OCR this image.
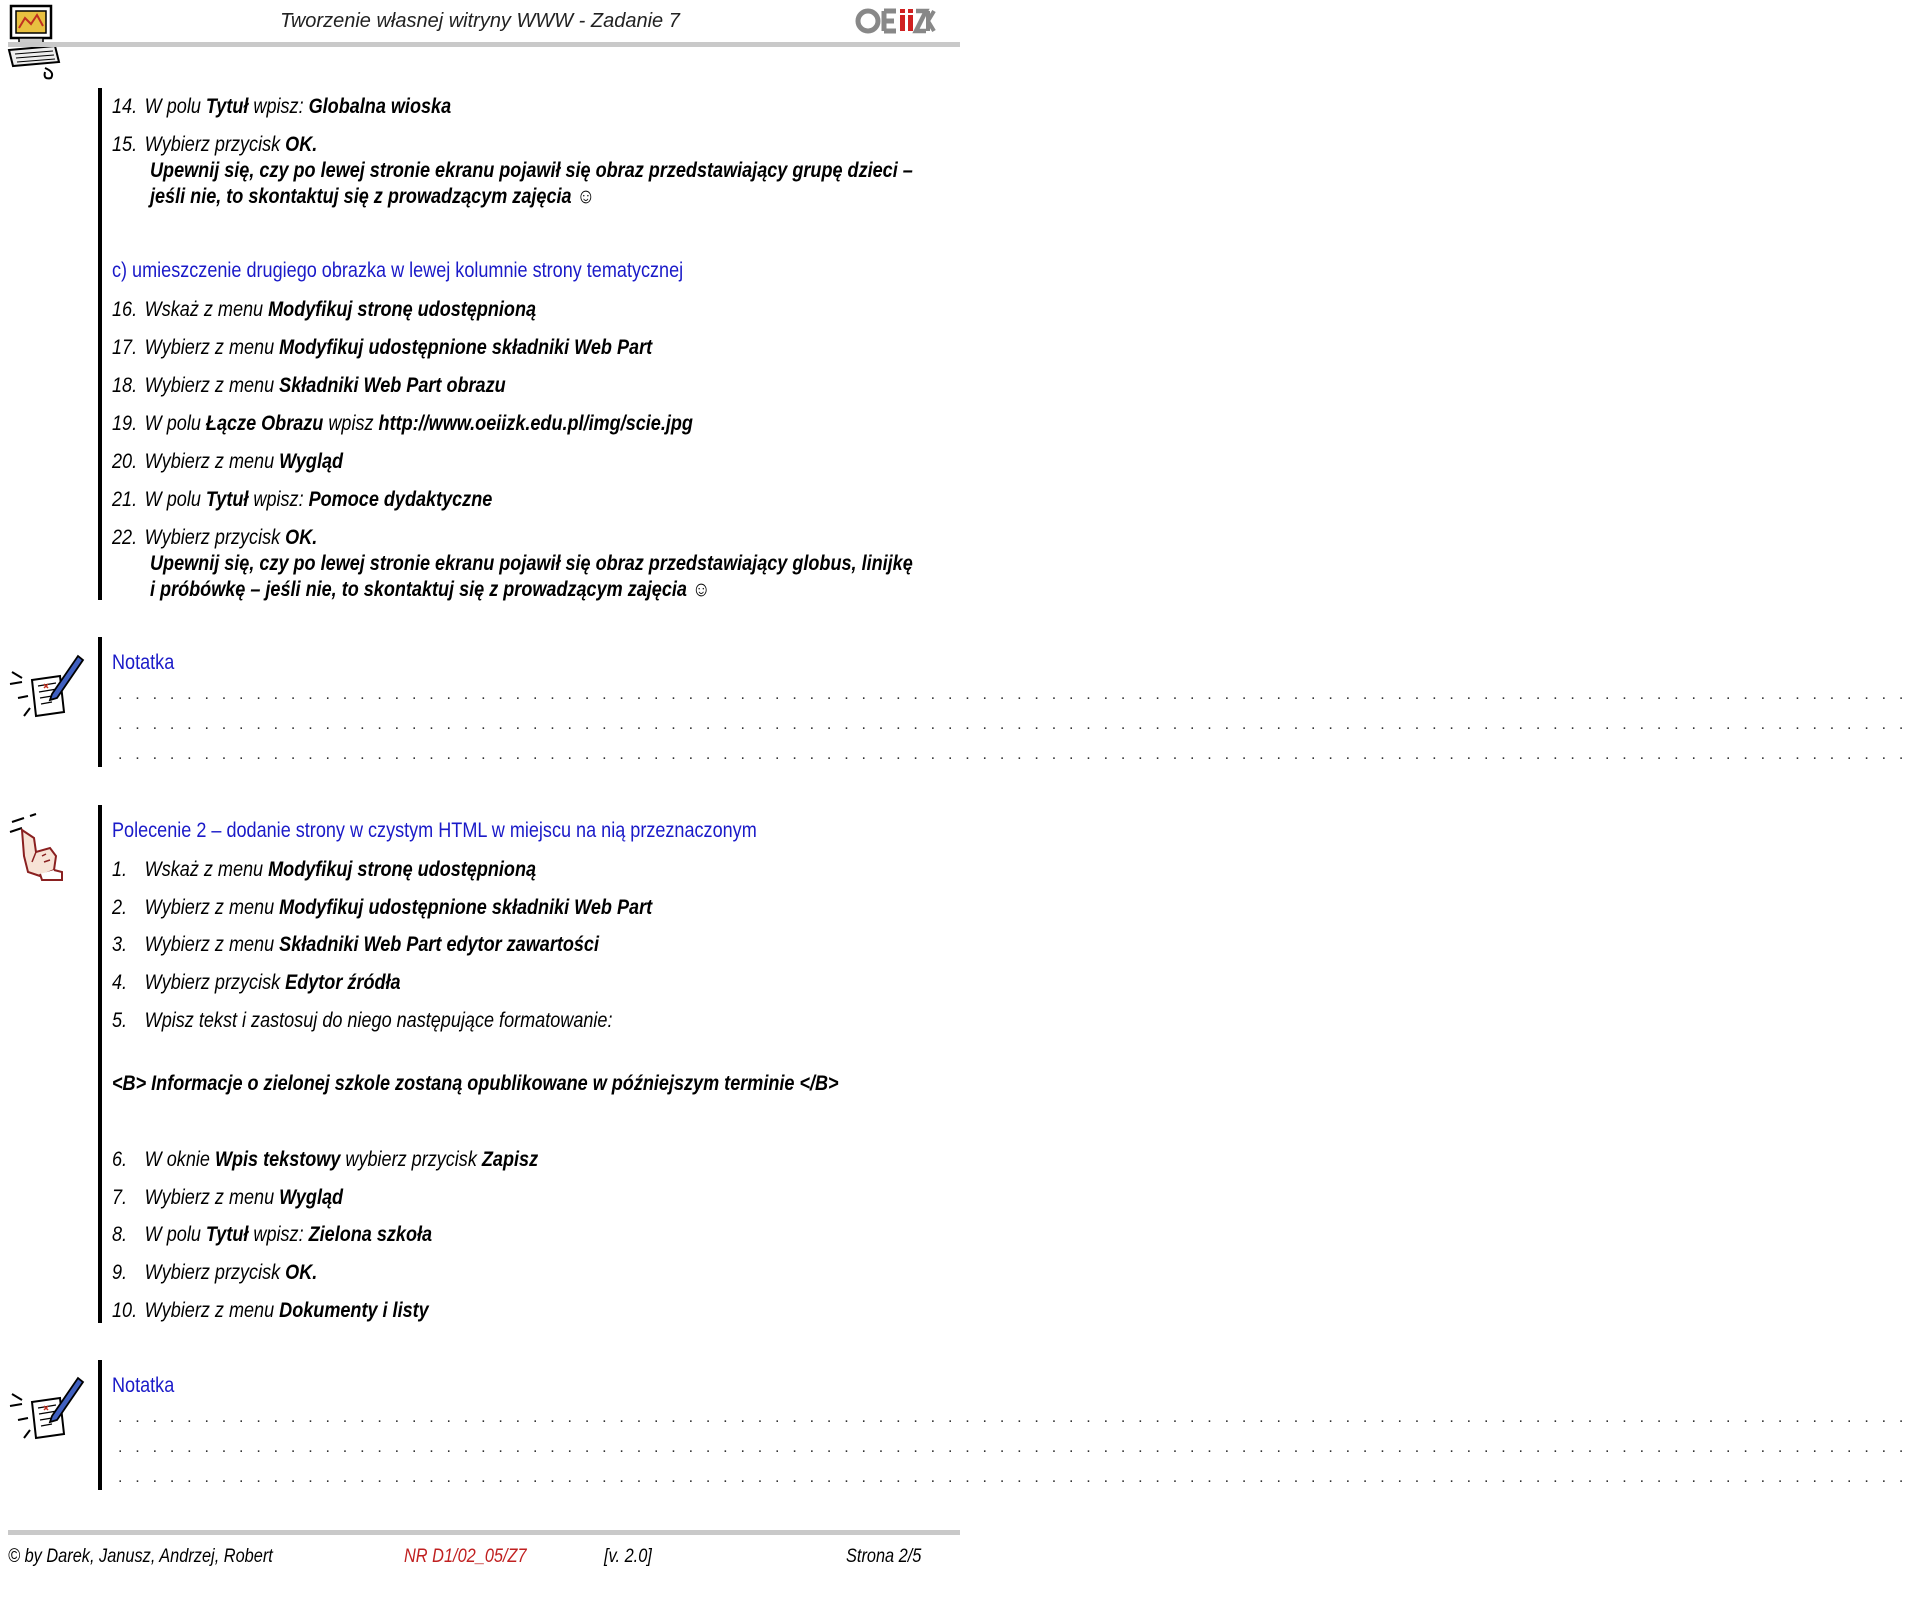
Tworzenie własnej witryny WWW - Zadanie 7
14. W polu Tytuł wpisz: Globalna wioska
15. Wybierz przycisk OK.
Upewnij się, czy po lewej stronie ekranu pojawił się obraz przedstawiający grupę dzieci –
jeśli nie, to skontaktuj się z prowadzącym zajęcia ☺
c) umieszczenie drugiego obrazka w lewej kolumnie strony tematycznej
16. Wskaż z menu Modyfikuj stronę udostępnioną
17. Wybierz z menu Modyfikuj udostępnione składniki Web Part
18. Wybierz z menu Składniki Web Part obrazu
19. W polu Łącze Obrazu wpisz http://www.oeiizk.edu.pl/img/scie.jpg
20. Wybierz z menu Wygląd
21. W polu Tytuł wpisz: Pomoce dydaktyczne
22. Wybierz przycisk OK.
Upewnij się, czy po lewej stronie ekranu pojawił się obraz przedstawiający globus, linijkę
i próbówkę – jeśli nie, to skontaktuj się z prowadzącym zajęcia ☺
Notatka
. . . . . . . . . . . . . . . . . . . . . . . . . . . . . . . . . . . . . . . . . . . . . . . . . . . . . . . . . . . . . . . . . . . . . . . . . . . . . . . . . . . . . . . . . . . . . . . . . . . . . . . .
. . . . . . . . . . . . . . . . . . . . . . . . . . . . . . . . . . . . . . . . . . . . . . . . . . . . . . . . . . . . . . . . . . . . . . . . . . . . . . . . . . . . . . . . . . . . . . . . . . . . . . . .
. . . . . . . . . . . . . . . . . . . . . . . . . . . . . . . . . . . . . . . . . . . . . . . . . . . . . . . . . . . . . . . . . . . . . . . . . . . . . . . . . . . . . . . . . . . . . . . . . . . . . . . .
Polecenie 2 – dodanie strony w czystym HTML w miejscu na nią przeznaczonym
1. Wskaż z menu Modyfikuj stronę udostępnioną
2. Wybierz z menu Modyfikuj udostępnione składniki Web Part
3. Wybierz z menu Składniki Web Part edytor zawartości
4. Wybierz przycisk Edytor źródła
5. Wpisz tekst i zastosuj do niego następujące formatowanie:
<B> Informacje o zielonej szkole zostaną opublikowane w późniejszym terminie </B>
6. W oknie Wpis tekstowy wybierz przycisk Zapisz
7. Wybierz z menu Wygląd
8. W polu Tytuł wpisz: Zielona szkoła
9. Wybierz przycisk OK.
10. Wybierz z menu Dokumenty i listy
Notatka
. . . . . . . . . . . . . . . . . . . . . . . . . . . . . . . . . . . . . . . . . . . . . . . . . . . . . . . . . . . . . . . . . . . . . . . . . . . . . . . . . . . . . . . . . . . . . . . . . . . . . . . .
. . . . . . . . . . . . . . . . . . . . . . . . . . . . . . . . . . . . . . . . . . . . . . . . . . . . . . . . . . . . . . . . . . . . . . . . . . . . . . . . . . . . . . . . . . . . . . . . . . . . . . . .
. . . . . . . . . . . . . . . . . . . . . . . . . . . . . . . . . . . . . . . . . . . . . . . . . . . . . . . . . . . . . . . . . . . . . . . . . . . . . . . . . . . . . . . . . . . . . . . . . . . . . . . .
© by Darek, Janusz, Andrzej, Robert	NR D1/02_05/Z7	[v. 2.0]	Strona 2/5
